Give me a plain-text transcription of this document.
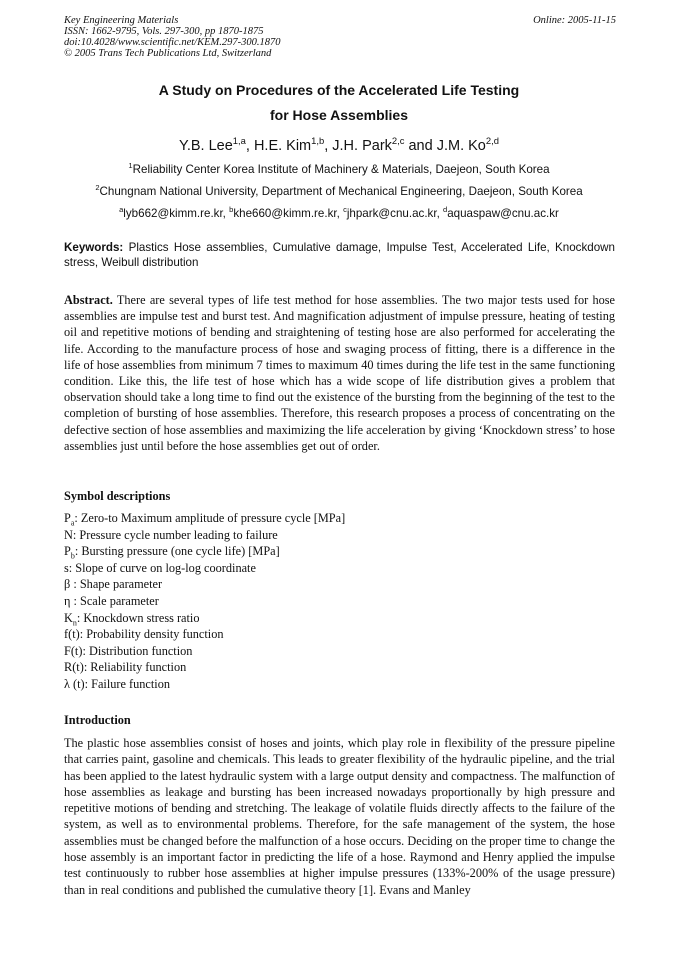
Key Engineering Materials
ISSN: 1662-9795, Vols. 297-300, pp 1870-1875
doi:10.4028/www.scientific.net/KEM.297-300.1870
© 2005 Trans Tech Publications Ltd, Switzerland
Online: 2005-11-15
A Study on Procedures of the Accelerated Life Testing
for Hose Assemblies
Y.B. Lee$^{1,a}$, H.E. Kim$^{1,b}$, J.H. Park$^{2,c}$ and J.M. Ko$^{2,d}$
$^1$Reliability Center Korea Institute of Machinery & Materials, Daejeon, South Korea
$^2$Chungnam National University, Department of Mechanical Engineering, Daejeon, South Korea
$^a$lyb662@kimm.re.kr, $^b$khe660@kimm.re.kr, $^c$jhpark@cnu.ac.kr, $^d$aquaspaw@cnu.ac.kr
Keywords: Plastics Hose assemblies, Cumulative damage, Impulse Test, Accelerated Life, Knockdown stress, Weibull distribution
Abstract. There are several types of life test method for hose assemblies. The two major tests used for hose assemblies are impulse test and burst test. And magnification adjustment of impulse pressure, heating of testing oil and repetitive motions of bending and straightening of testing hose are also performed for accelerating the life. According to the manufacture process of hose and swaging process of fitting, there is a difference in the life of hose assemblies from minimum 7 times to maximum 40 times during the life test in the same functioning condition. Like this, the life test of hose which has a wide scope of life distribution gives a problem that observation should take a long time to find out the existence of the bursting from the beginning of the test to the completion of bursting of hose assemblies. Therefore, this research proposes a process of concentrating on the defective section of hose assemblies and maximizing the life acceleration by giving ‘Knockdown stress’ to hose assemblies just until before the hose assemblies get out of order.
Symbol descriptions
$P_a$: Zero-to Maximum amplitude of pressure cycle [MPa]
N: Pressure cycle number leading to failure
$P_b$: Bursting pressure (one cycle life) [MPa]
s: Slope of curve on log-log coordinate
β : Shape parameter
η : Scale parameter
$K_n$: Knockdown stress ratio
f(t): Probability density function
F(t): Distribution function
R(t): Reliability function
λ (t): Failure function
Introduction
The plastic hose assemblies consist of hoses and joints, which play role in flexibility of the pressure pipeline that carries paint, gasoline and chemicals. This leads to greater flexibility of the hydraulic pipeline, and the trial has been applied to the latest hydraulic system with a large output density and compactness. The malfunction of hose assemblies as leakage and bursting has been increased nowadays proportionally by high pressure and repetitive motions of bending and stretching. The leakage of volatile fluids directly affects to the failure of the system, as well as to environmental problems. Therefore, for the safe management of the system, the hose assemblies must be changed before the malfunction of a hose occurs. Deciding on the proper time to change the hose assembly is an important factor in predicting the life of a hose. Raymond and Henry applied the impulse test continuously to rubber hose assemblies at higher impulse pressures (133%-200% of the usage pressure) than in real conditions and published the cumulative theory [1]. Evans and Manley
